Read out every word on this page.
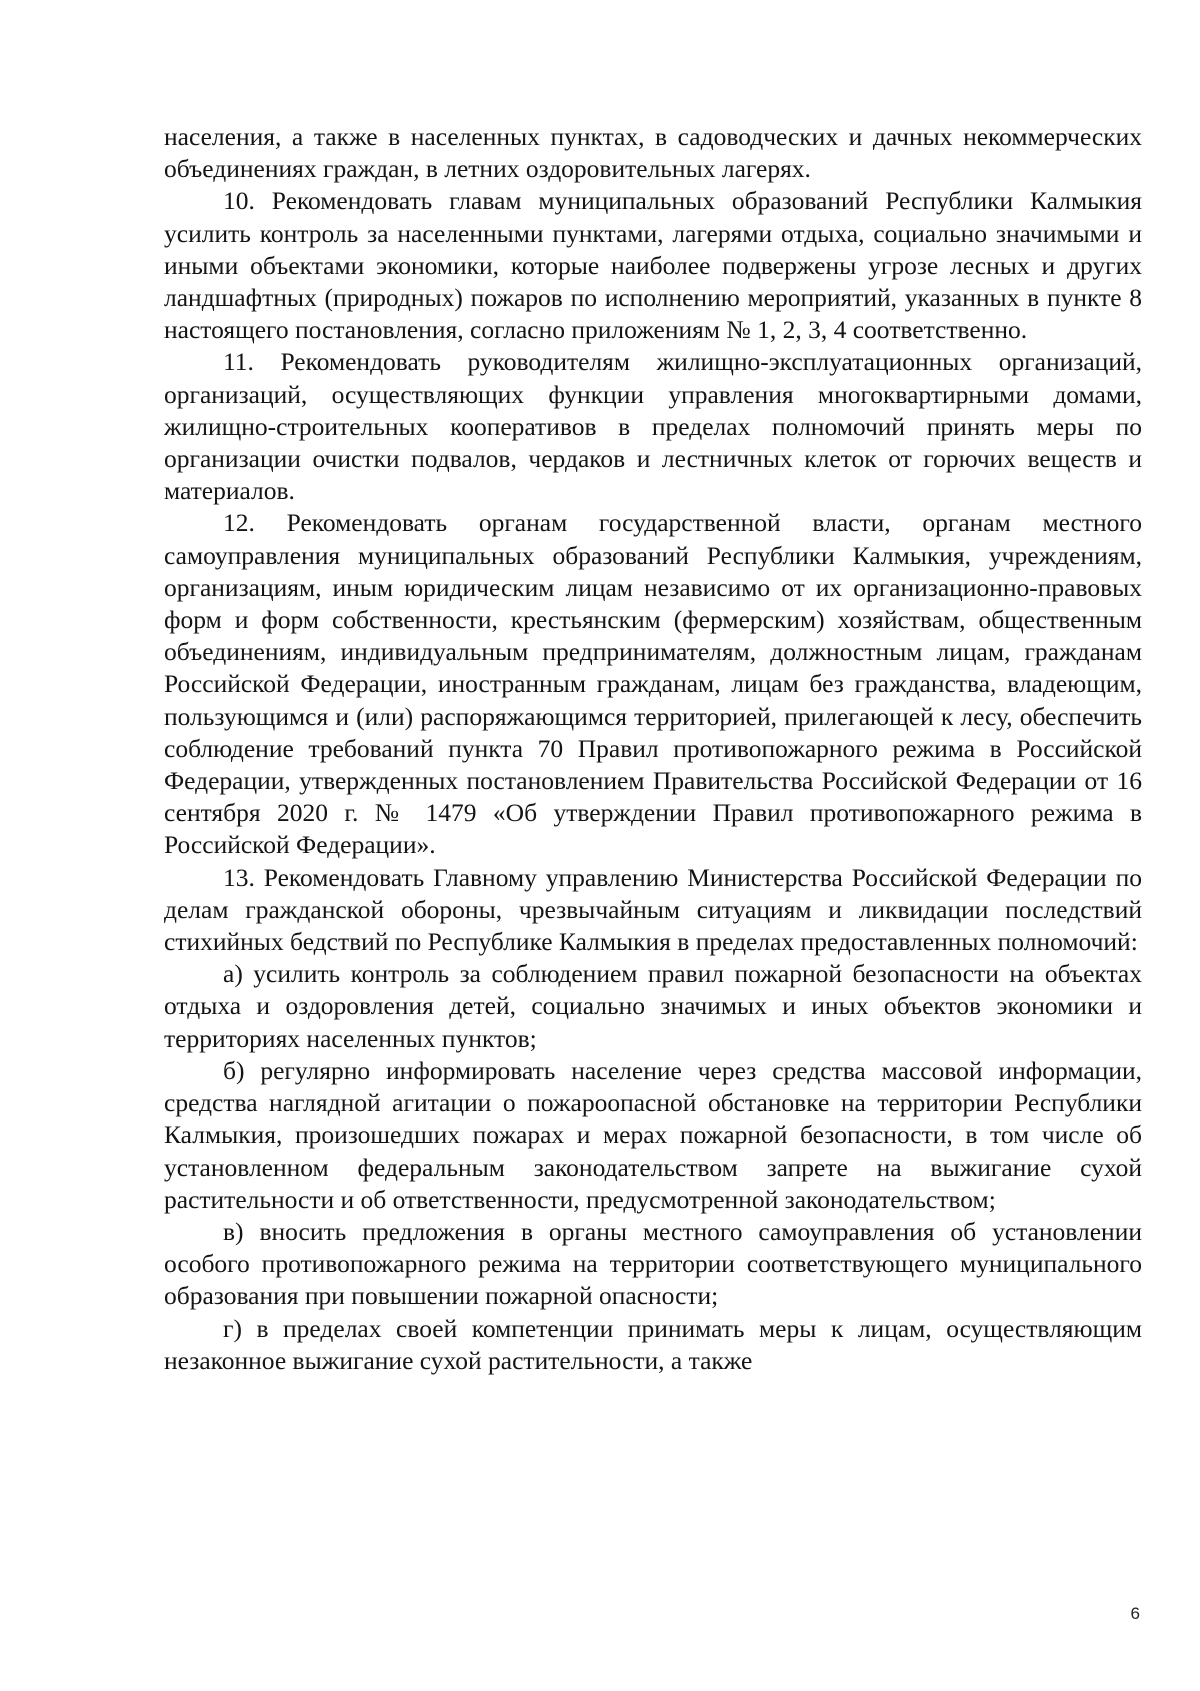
населения, а также в населенных пунктах, в садоводческих и дачных некоммерческих объединениях граждан, в летних оздоровительных лагерях.

10. Рекомендовать главам муниципальных образований Республики Калмыкия усилить контроль за населенными пунктами, лагерями отдыха, социально значимыми и иными объектами экономики, которые наиболее подвержены угрозе лесных и других ландшафтных (природных) пожаров по исполнению мероприятий, указанных в пункте 8 настоящего постановления, согласно приложениям № 1, 2, 3, 4 соответственно.

11. Рекомендовать руководителям жилищно-эксплуатационных организаций, организаций, осуществляющих функции управления многоквартирными домами, жилищно-строительных кооперативов в пределах полномочий принять меры по организации очистки подвалов, чердаков и лестничных клеток от горючих веществ и материалов.

12. Рекомендовать органам государственной власти, органам местного самоуправления муниципальных образований Республики Калмыкия, учреждениям, организациям, иным юридическим лицам независимо от их организационно-правовых форм и форм собственности, крестьянским (фермерским) хозяйствам, общественным объединениям, индивидуальным предпринимателям, должностным лицам, гражданам Российской Федерации, иностранным гражданам, лицам без гражданства, владеющим, пользующимся и (или) распоряжающимся территорией, прилегающей к лесу, обеспечить соблюдение требований пункта 70 Правил противопожарного режима в Российской Федерации, утвержденных постановлением Правительства Российской Федерации от 16 сентября 2020 г. № 1479 «Об утверждении Правил противопожарного режима в Российской Федерации».

13. Рекомендовать Главному управлению Министерства Российской Федерации по делам гражданской обороны, чрезвычайным ситуациям и ликвидации последствий стихийных бедствий по Республике Калмыкия в пределах предоставленных полномочий:

а) усилить контроль за соблюдением правил пожарной безопасности на объектах отдыха и оздоровления детей, социально значимых и иных объектов экономики и территориях населенных пунктов;

б) регулярно информировать население через средства массовой информации, средства наглядной агитации о пожароопасной обстановке на территории Республики Калмыкия, произошедших пожарах и мерах пожарной безопасности, в том числе об установленном федеральным законодательством запрете на выжигание сухой растительности и об ответственности, предусмотренной законодательством;

в) вносить предложения в органы местного самоуправления об установлении особого противопожарного режима на территории соответствующего муниципального образования при повышении пожарной опасности;

г) в пределах своей компетенции принимать меры к лицам, осуществляющим незаконное выжигание сухой растительности, а также

6
